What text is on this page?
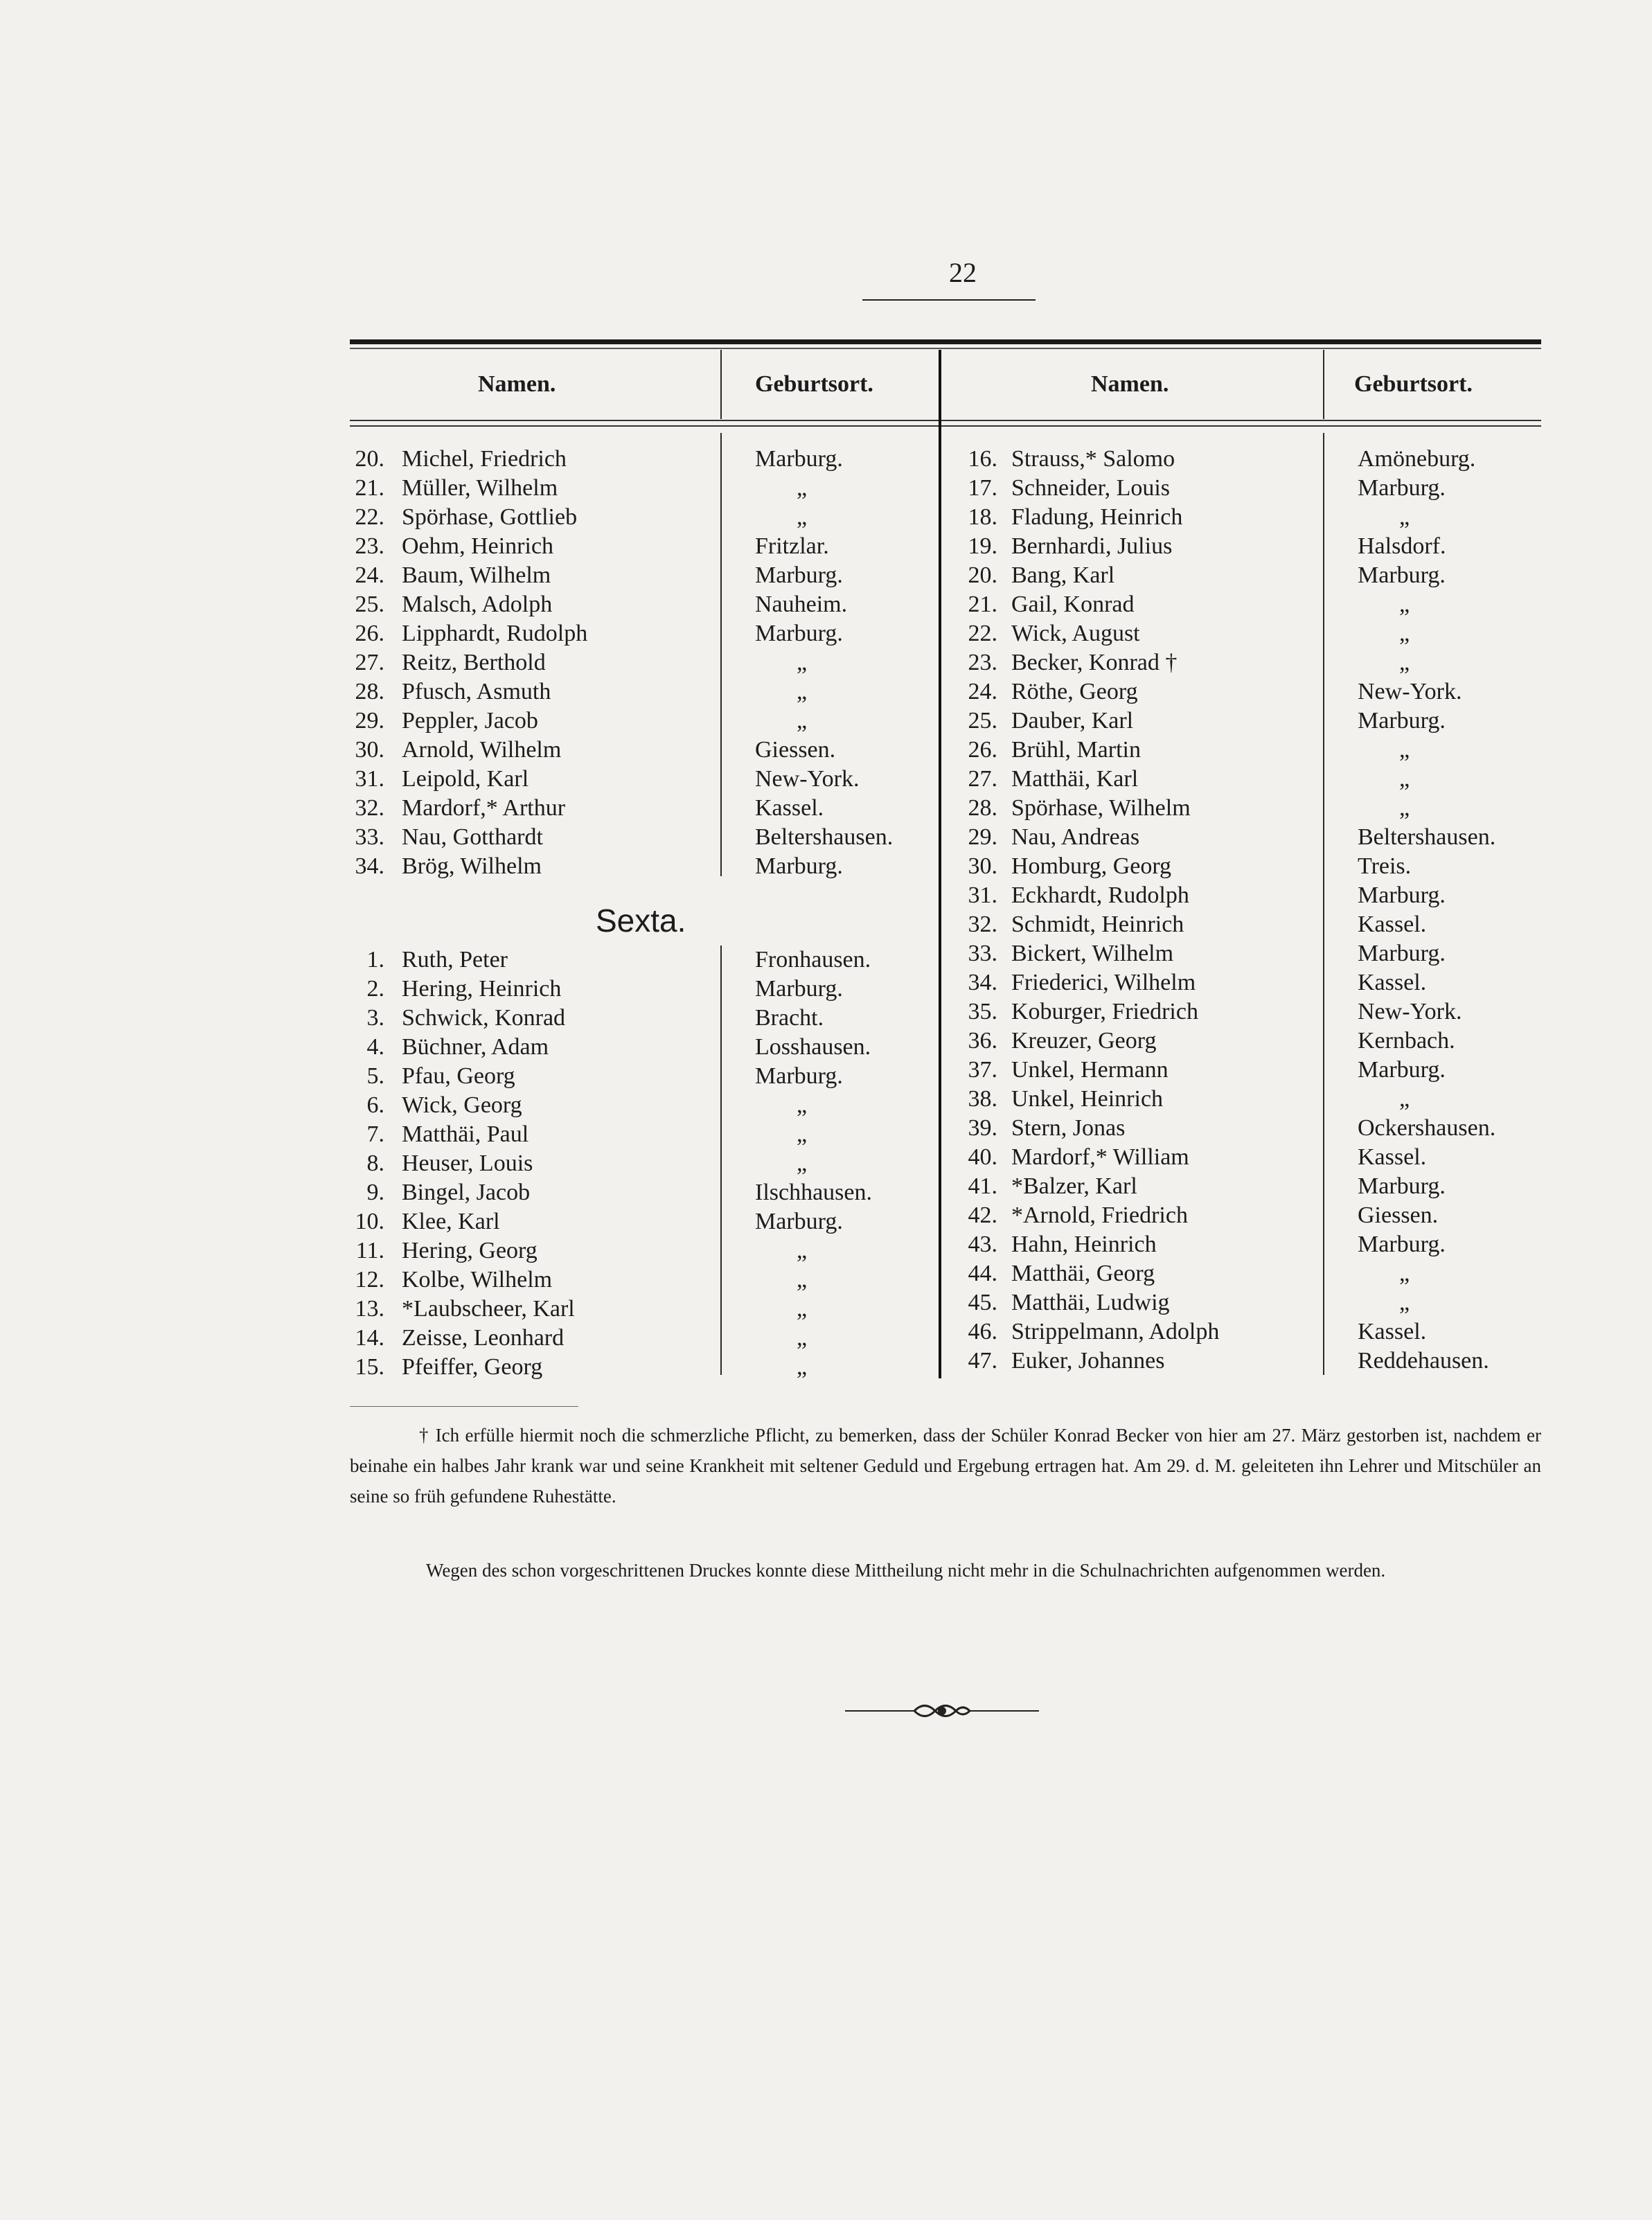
22
Namen.	Geburtsort.	Namen.	Geburtsort.
Sexta.
20. Michel, Friedrich	Marburg.
21. Müller, Wilhelm	„
22. Spörhase, Gottlieb	„
23. Oehm, Heinrich	Fritzlar.
24. Baum, Wilhelm	Marburg.
25. Malsch, Adolph	Nauheim.
26. Lipphardt, Rudolph	Marburg.
27. Reitz, Berthold	„
28. Pfusch, Asmuth	„
29. Peppler, Jacob	„
30. Arnold, Wilhelm	Giessen.
31. Leipold, Karl	New-York.
32. Mardorf,* Arthur	Kassel.
33. Nau, Gotthardt	Beltershausen.
34. Brög, Wilhelm	Marburg.
1. Ruth, Peter	Fronhausen.
2. Hering, Heinrich	Marburg.
3. Schwick, Konrad	Bracht.
4. Büchner, Adam	Losshausen.
5. Pfau, Georg	Marburg.
6. Wick, Georg	„
7. Matthäi, Paul	„
8. Heuser, Louis	„
9. Bingel, Jacob	Ilschhausen.
10. Klee, Karl	Marburg.
11. Hering, Georg	„
12. Kolbe, Wilhelm	„
13. *Laubscheer, Karl	„
14. Zeisse, Leonhard	„
15. Pfeiffer, Georg	„
16. Strauss,* Salomo	Amöneburg.
17. Schneider, Louis	Marburg.
18. Fladung, Heinrich	„
19. Bernhardi, Julius	Halsdorf.
20. Bang, Karl	Marburg.
21. Gail, Konrad	„
22. Wick, August	„
23. Becker, Konrad †	„
24. Röthe, Georg	New-York.
25. Dauber, Karl	Marburg.
26. Brühl, Martin	„
27. Matthäi, Karl	„
28. Spörhase, Wilhelm	„
29. Nau, Andreas	Beltershausen.
30. Homburg, Georg	Treis.
31. Eckhardt, Rudolph	Marburg.
32. Schmidt, Heinrich	Kassel.
33. Bickert, Wilhelm	Marburg.
34. Friederici, Wilhelm	Kassel.
35. Koburger, Friedrich	New-York.
36. Kreuzer, Georg	Kernbach.
37. Unkel, Hermann	Marburg.
38. Unkel, Heinrich	„
39. Stern, Jonas	Ockershausen.
40. Mardorf,* William	Kassel.
41. *Balzer, Karl	Marburg.
42. *Arnold, Friedrich	Giessen.
43. Hahn, Heinrich	Marburg.
44. Matthäi, Georg	„
45. Matthäi, Ludwig	„
46. Strippelmann, Adolph	Kassel.
47. Euker, Johannes	Reddehausen.
† Ich erfülle hiermit noch die schmerzliche Pflicht, zu bemerken, dass der Schüler Konrad Becker von hier am 27. März gestorben ist, nachdem er beinahe ein halbes Jahr krank war und seine Krankheit mit seltener Geduld und Ergebung ertragen hat. Am 29. d. M. geleiteten ihn Lehrer und Mitschüler an seine so früh gefundene Ruhestätte.
Wegen des schon vorgeschrittenen Druckes konnte diese Mittheilung nicht mehr in die Schulnachrichten aufgenommen werden.
